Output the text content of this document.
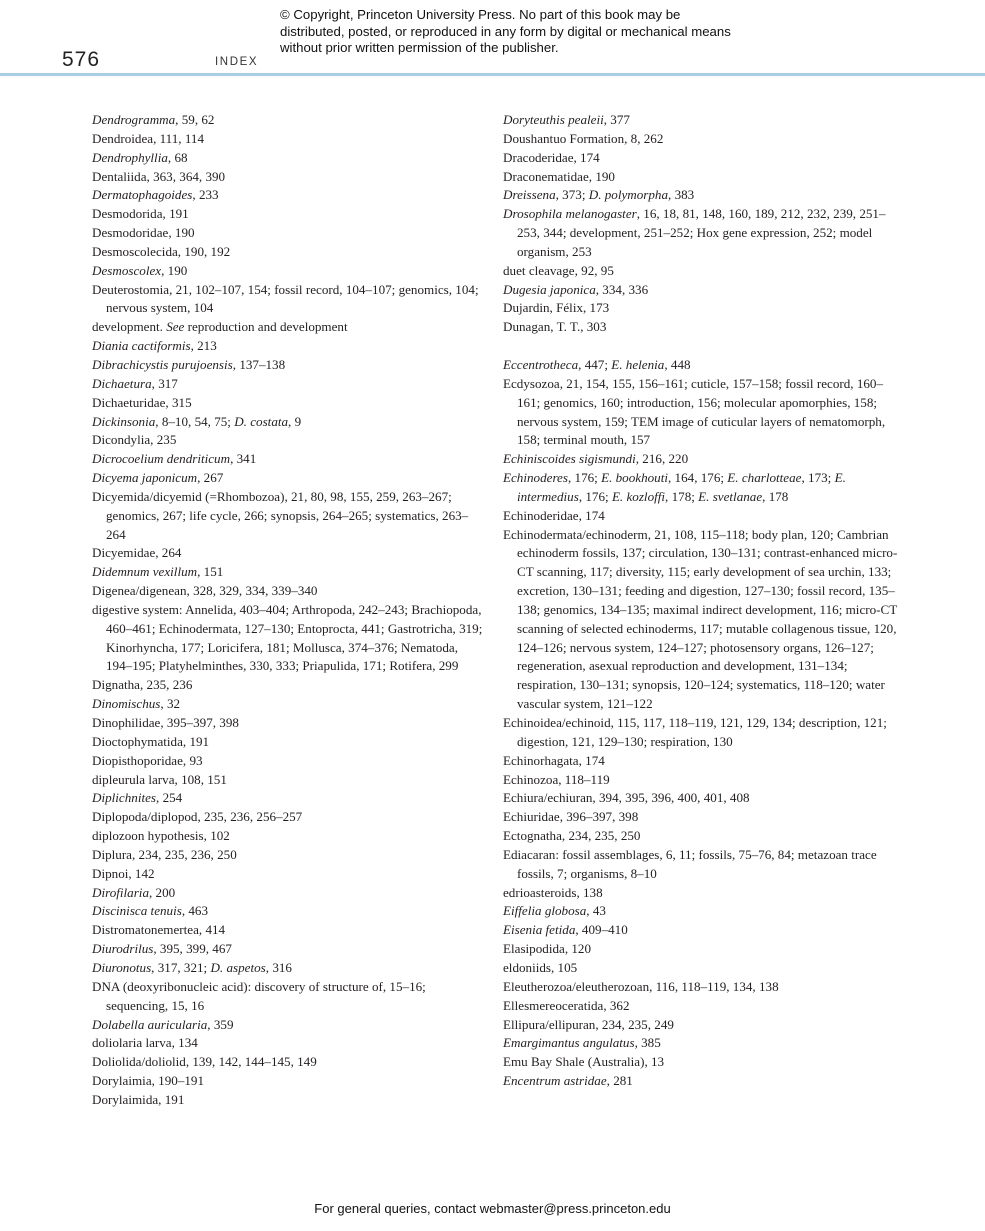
© Copyright, Princeton University Press. No part of this book may be distributed, posted, or reproduced in any form by digital or mechanical means without prior written permission of the publisher.
576	INDEX
Dendrogramma, 59, 62
Dendroidea, 111, 114
Dendrophyllia, 68
Dentaliida, 363, 364, 390
Dermatophagoides, 233
Desmodorida, 191
Desmodoridae, 190
Desmoscolecida, 190, 192
Desmoscolex, 190
Deuterostomia, 21, 102–107, 154; fossil record, 104–107; genomics, 104; nervous system, 104
development. See reproduction and development
Diania cactiformis, 213
Dibrachicystis purujoensis, 137–138
Dichaetura, 317
Dichaeturidae, 315
Dickinsonia, 8–10, 54, 75; D. costata, 9
Dicondylia, 235
Dicrocoelium dendriticum, 341
Dicyema japonicum, 267
Dicyemida/dicyemid (=Rhombozoa), 21, 80, 98, 155, 259, 263–267; genomics, 267; life cycle, 266; synopsis, 264–265; systematics, 263–264
Dicyemidae, 264
Didemnum vexillum, 151
Digenea/digenean, 328, 329, 334, 339–340
digestive system: Annelida, 403–404; Arthropoda, 242–243; Brachiopoda, 460–461; Echinodermata, 127–130; Entoprocta, 441; Gastrotricha, 319; Kinorhyncha, 177; Loricifera, 181; Mollusca, 374–376; Nematoda, 194–195; Platyhelminthes, 330, 333; Priapulida, 171; Rotifera, 299
Dignatha, 235, 236
Dinomischus, 32
Dinophilidae, 395–397, 398
Dioctophymatida, 191
Diopisthoporidae, 93
dipleurula larva, 108, 151
Diplichnites, 254
Diplopoda/diplopod, 235, 236, 256–257
diplozoon hypothesis, 102
Diplura, 234, 235, 236, 250
Dipnoi, 142
Dirofilaria, 200
Discinisca tenuis, 463
Distromatonemertea, 414
Diurodrilus, 395, 399, 467
Diuronotus, 317, 321; D. aspetos, 316
DNA (deoxyribonucleic acid): discovery of structure of, 15–16; sequencing, 15, 16
Dolabella auricularia, 359
doliolaria larva, 134
Doliolida/doliolid, 139, 142, 144–145, 149
Dorylaimia, 190–191
Dorylaimida, 191
Doryteuthis pealeii, 377
Doushantuo Formation, 8, 262
Dracoderidae, 174
Draconematidae, 190
Dreissena, 373; D. polymorpha, 383
Drosophila melanogaster, 16, 18, 81, 148, 160, 189, 212, 232, 239, 251–253, 344; development, 251–252; Hox gene expression, 252; model organism, 253
duet cleavage, 92, 95
Dugesia japonica, 334, 336
Dujardin, Félix, 173
Dunagan, T. T., 303
Eccentrotheca, 447; E. helenia, 448
Ecdysozoa, 21, 154, 155, 156–161; cuticle, 157–158; fossil record, 160–161; genomics, 160; introduction, 156; molecular apomorphies, 158; nervous system, 159; TEM image of cuticular layers of nematomorph, 158; terminal mouth, 157
Echiniscoides sigismundi, 216, 220
Echinoderes, 176; E. bookhouti, 164, 176; E. charlotteae, 173; E. intermedius, 176; E. kozloffi, 178; E. svetlanae, 178
Echinoderidae, 174
Echinodermata/echinoderm, 21, 108, 115–118; body plan, 120; Cambrian echinoderm fossils, 137; circulation, 130–131; contrast-enhanced micro-CT scanning, 117; diversity, 115; early development of sea urchin, 133; excretion, 130–131; feeding and digestion, 127–130; fossil record, 135–138; genomics, 134–135; maximal indirect development, 116; micro-CT scanning of selected echinoderms, 117; mutable collagenous tissue, 120, 124–126; nervous system, 124–127; photosensory organs, 126–127; regeneration, asexual reproduction and development, 131–134; respiration, 130–131; synopsis, 120–124; systematics, 118–120; water vascular system, 121–122
Echinoidea/echinoid, 115, 117, 118–119, 121, 129, 134; description, 121; digestion, 121, 129–130; respiration, 130
Echinorhagata, 174
Echinozoa, 118–119
Echiura/echiuran, 394, 395, 396, 400, 401, 408
Echiuridae, 396–397, 398
Ectognatha, 234, 235, 250
Ediacaran: fossil assemblages, 6, 11; fossils, 75–76, 84; metazoan trace fossils, 7; organisms, 8–10
edrioasteroids, 138
Eiffelia globosa, 43
Eisenia fetida, 409–410
Elasipodida, 120
eldoniids, 105
Eleutherozoa/eleutherozoan, 116, 118–119, 134, 138
Ellesmereoceratida, 362
Ellipura/ellipuran, 234, 235, 249
Emargimantus angulatus, 385
Emu Bay Shale (Australia), 13
Encentrum astridae, 281
For general queries, contact webmaster@press.princeton.edu
